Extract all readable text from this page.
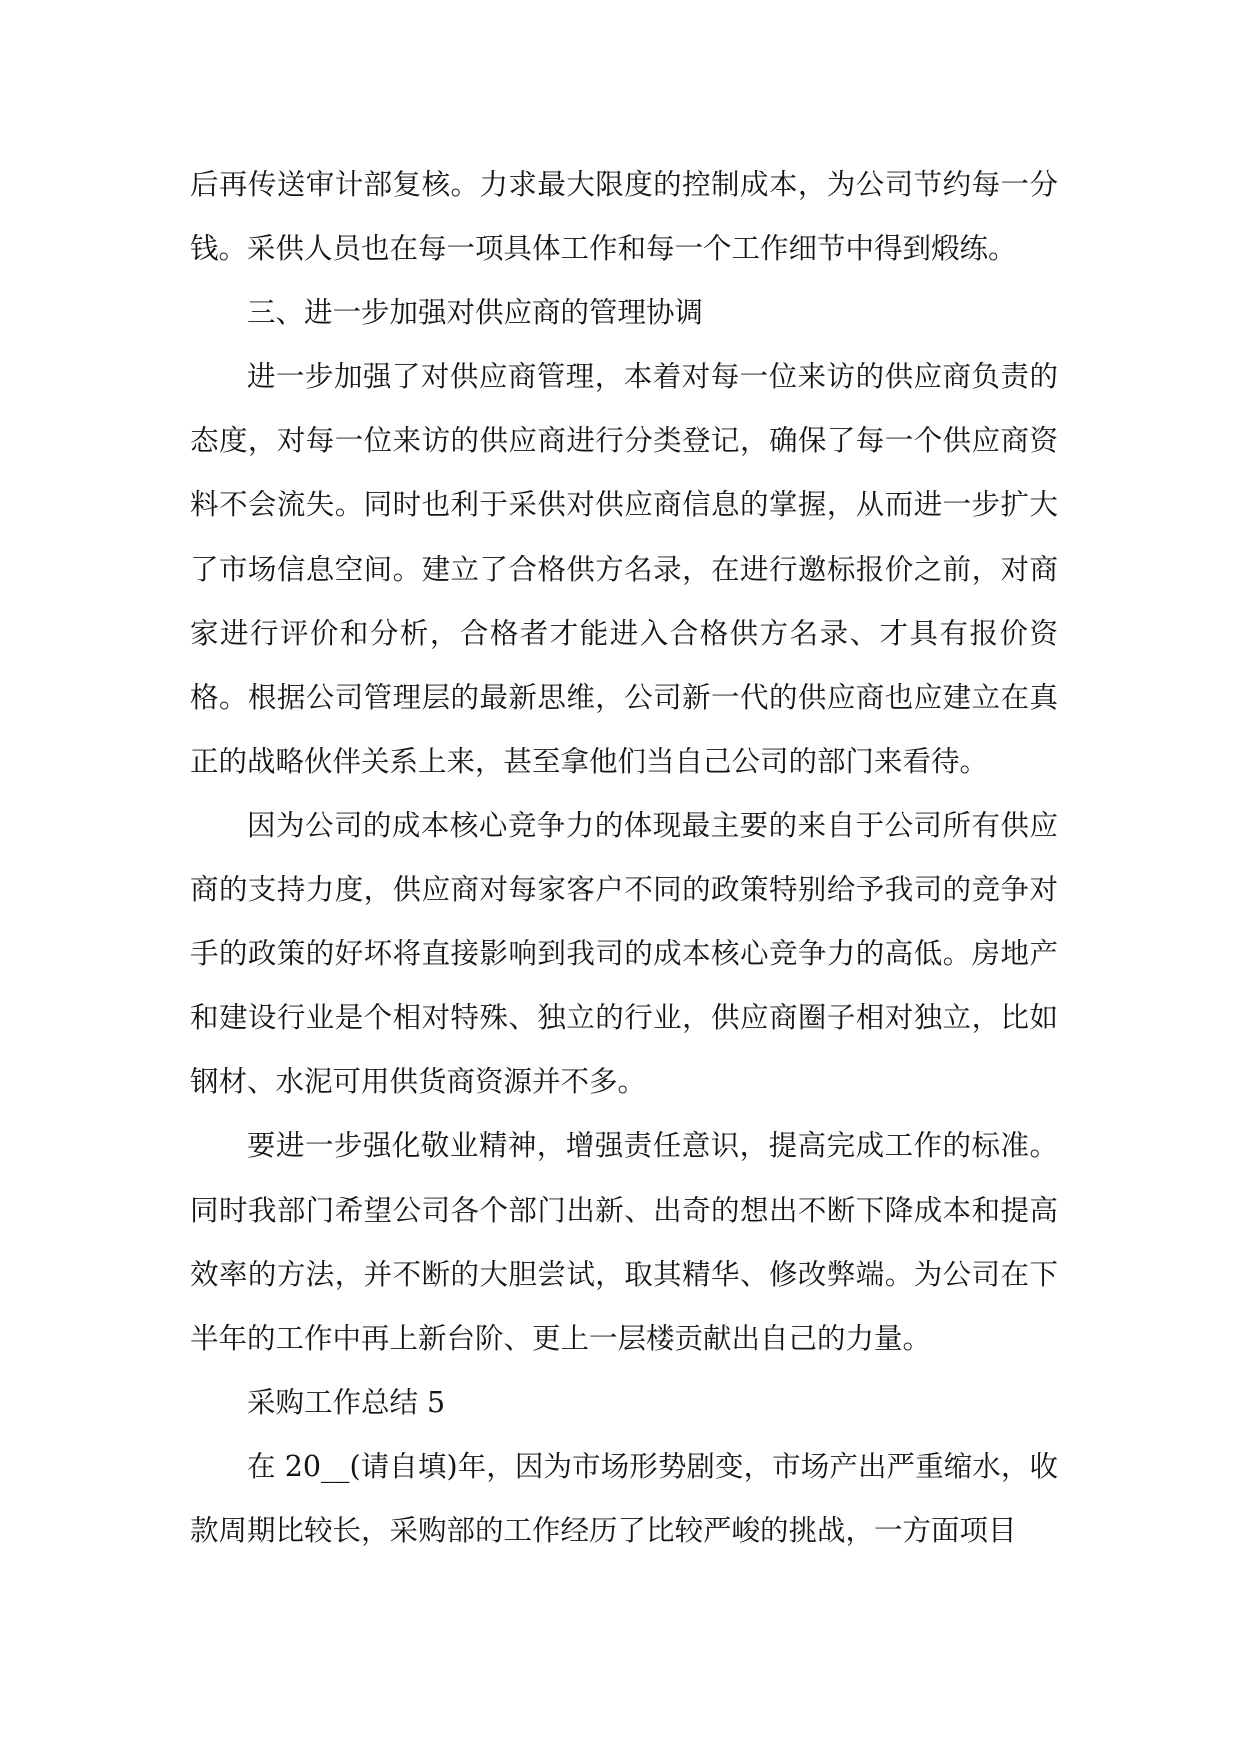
后再传送审计部复核。力求最大限度的控制成本，为公司节约每一分钱。采供人员也在每一项具体工作和每一个工作细节中得到煅练。

三、进一步加强对供应商的管理协调

进一步加强了对供应商管理，本着对每一位来访的供应商负责的态度，对每一位来访的供应商进行分类登记，确保了每一个供应商资料不会流失。同时也利于采供对供应商信息的掌握，从而进一步扩大了市场信息空间。建立了合格供方名录，在进行邀标报价之前，对商家进行评价和分析，合格者才能进入合格供方名录、才具有报价资格。根据公司管理层的最新思维，公司新一代的供应商也应建立在真正的战略伙伴关系上来，甚至拿他们当自己公司的部门来看待。

因为公司的成本核心竞争力的体现最主要的来自于公司所有供应商的支持力度，供应商对每家客户不同的政策特别给予我司的竞争对手的政策的好坏将直接影响到我司的成本核心竞争力的高低。房地产和建设行业是个相对特殊、独立的行业，供应商圈子相对独立，比如钢材、水泥可用供货商资源并不多。

要进一步强化敬业精神，增强责任意识，提高完成工作的标准。同时我部门希望公司各个部门出新、出奇的想出不断下降成本和提高效率的方法，并不断的大胆尝试，取其精华、修改弊端。为公司在下半年的工作中再上新台阶、更上一层楼贡献出自己的力量。

采购工作总结 5

在 20__(请自填)年，因为市场形势剧变，市场产出严重缩水，收款周期比较长，采购部的工作经历了比较严峻的挑战，一方面项目
